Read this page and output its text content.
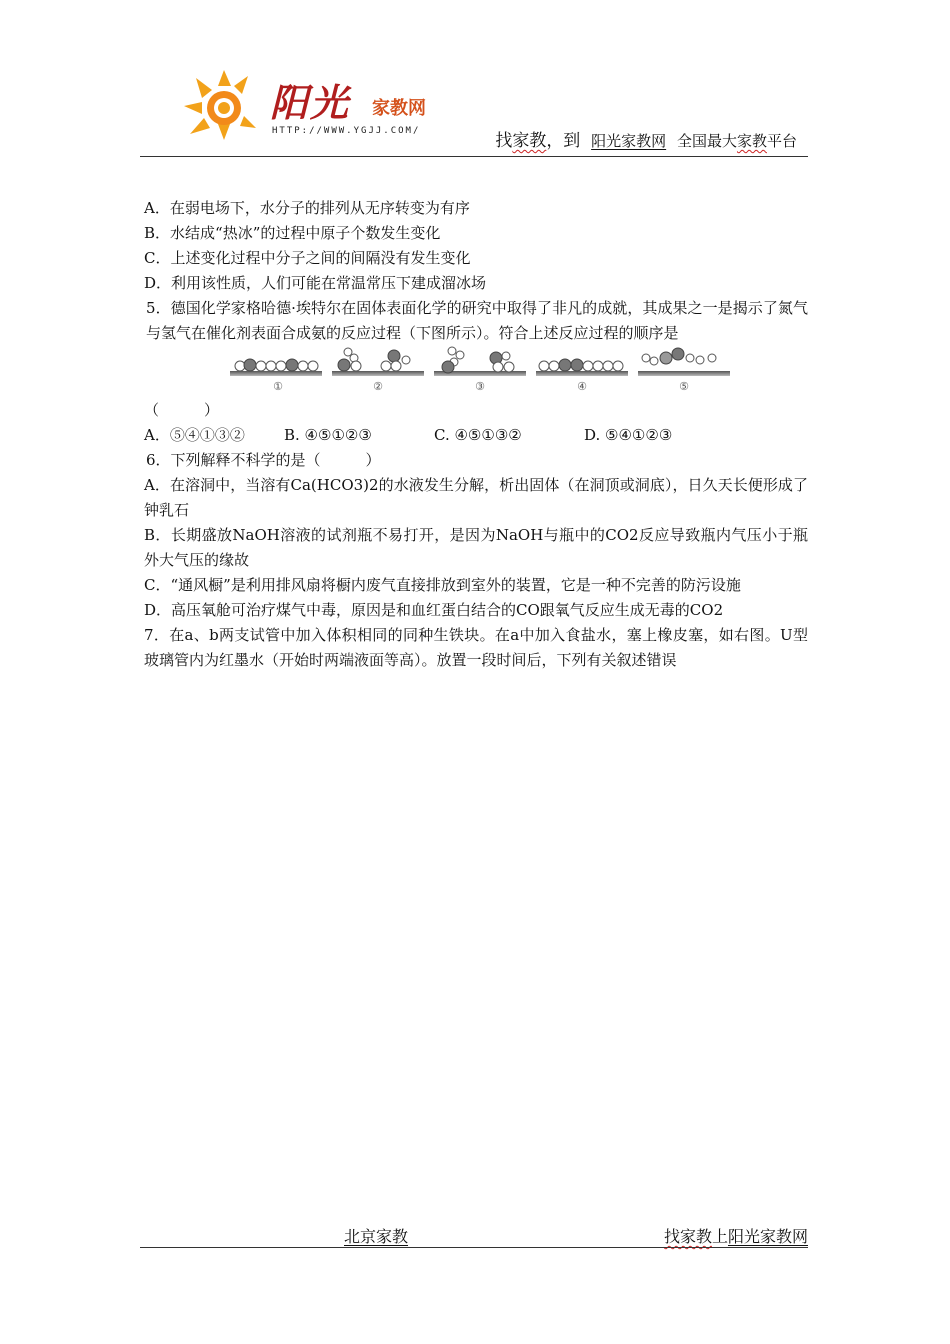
阳光 家教网
HTTP://WWW.YGJJ.COM/	找家教，到 阳光家教网 全国最大家教平台

A．在弱电场下，水分子的排列从无序转变为有序

B．水结成“热冰”的过程中原子个数发生变化

C．上述变化过程中分子之间的间隔没有发生变化

D．利用该性质，人们可能在常温常压下建成溜冰场

5．德国化学家格哈德·埃特尔在固体表面化学的研究中取得了非凡的成就，其成果之一是揭示了氮气与氢气在催化剂表面合成氨的反应过程（下图所示）。符合上述反应过程的顺序是

①	②	③	④	⑤

（　　　）

A．⑤④①③②	B. ④⑤①②③	C. ④⑤①③②	D. ⑤④①②③

6．下列解释不科学的是（　　　）

A．在溶洞中，当溶有Ca(HCO3)2的水液发生分解，析出固体（在洞顶或洞底），日久天长便形成了钟乳石

B．长期盛放NaOH溶液的试剂瓶不易打开，是因为NaOH与瓶中的CO2反应导致瓶内气压小于瓶外大气压的缘故

C．“通风橱”是利用排风扇将橱内废气直接排放到室外的装置，它是一种不完善的防污设施

D．高压氧舱可治疗煤气中毒，原因是和血红蛋白结合的CO跟氧气反应生成无毒的CO2

7．在a、b两支试管中加入体积相同的同种生铁块。在a中加入食盐水，塞上橡皮塞，如右图。U型玻璃管内为红墨水（开始时两端液面等高）。放置一段时间后，下列有关叙述错误

北京家教	找家教上阳光家教网
